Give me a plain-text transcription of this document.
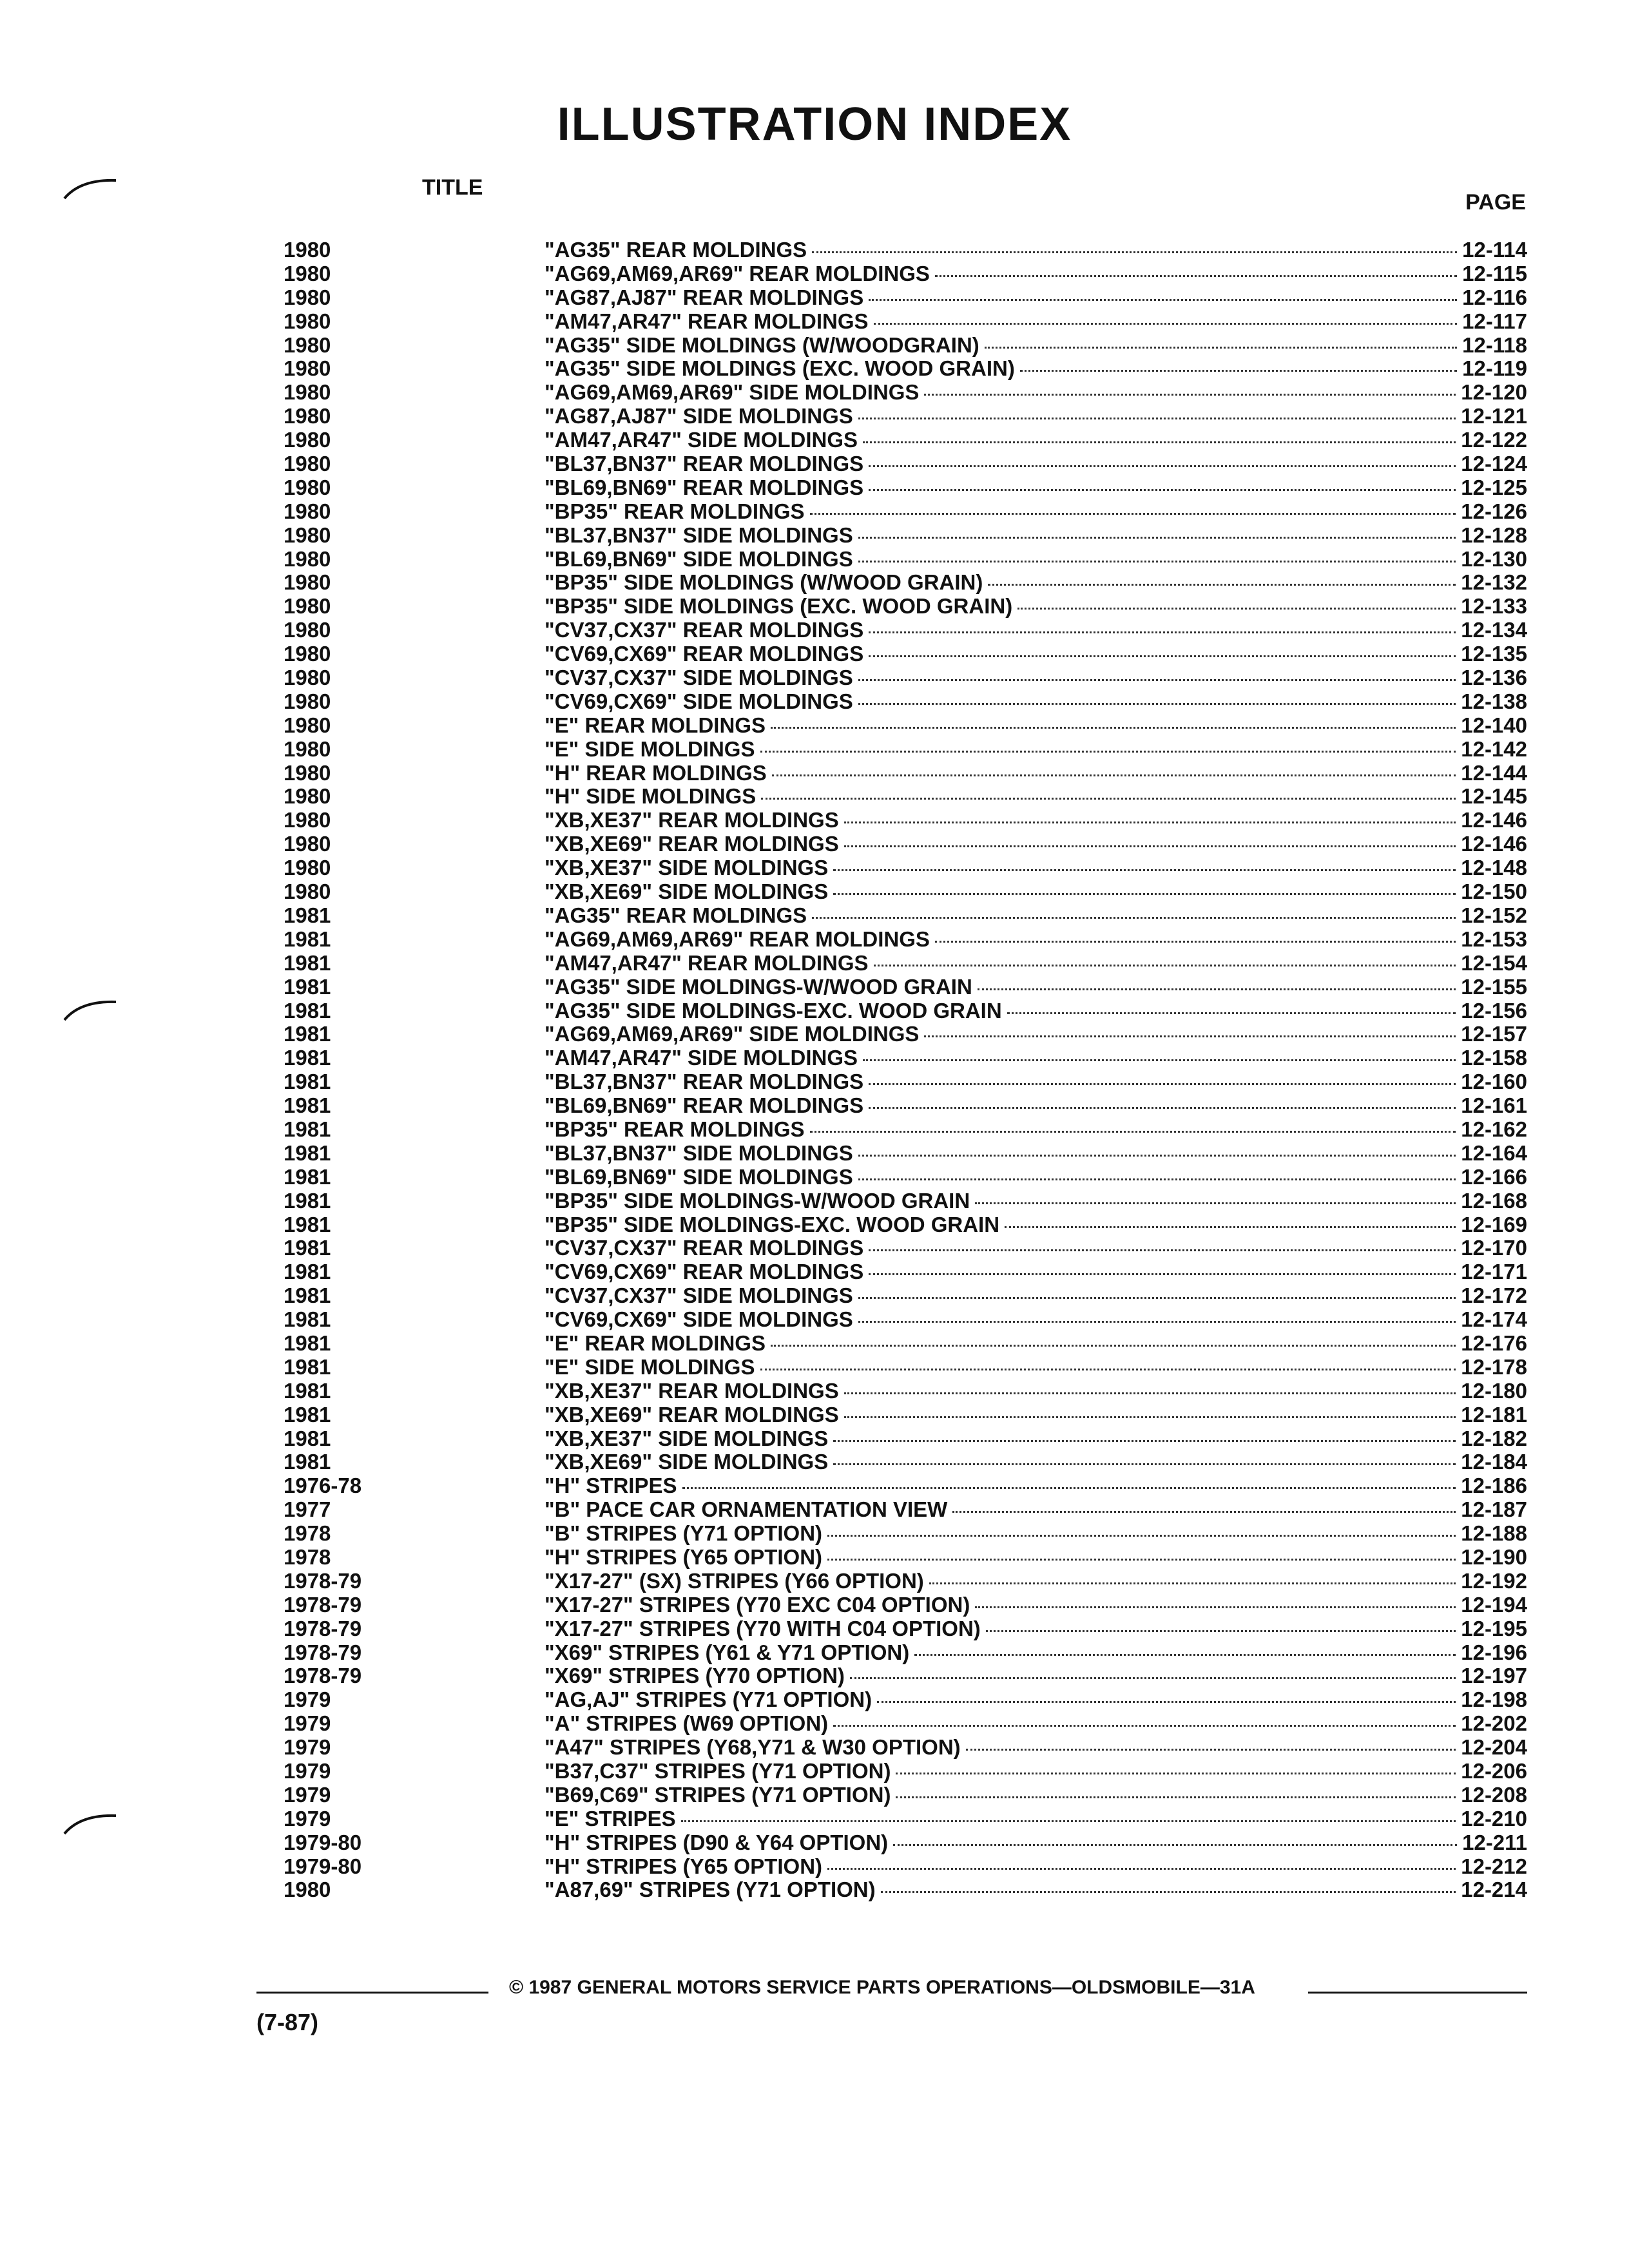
ILLUSTRATION INDEX
TITLE
PAGE
1980	"AG35" REAR MOLDINGS	12-114
1980	"AG69,AM69,AR69" REAR MOLDINGS	12-115
1980	"AG87,AJ87" REAR MOLDINGS	12-116
1980	"AM47,AR47" REAR MOLDINGS	12-117
1980	"AG35" SIDE MOLDINGS (W/WOODGRAIN)	12-118
1980	"AG35" SIDE MOLDINGS (EXC. WOOD GRAIN)	12-119
1980	"AG69,AM69,AR69" SIDE MOLDINGS	12-120
1980	"AG87,AJ87" SIDE MOLDINGS	12-121
1980	"AM47,AR47" SIDE MOLDINGS	12-122
1980	"BL37,BN37" REAR MOLDINGS	12-124
1980	"BL69,BN69" REAR MOLDINGS	12-125
1980	"BP35" REAR MOLDINGS	12-126
1980	"BL37,BN37" SIDE MOLDINGS	12-128
1980	"BL69,BN69" SIDE MOLDINGS	12-130
1980	"BP35" SIDE MOLDINGS (W/WOOD GRAIN)	12-132
1980	"BP35" SIDE MOLDINGS (EXC. WOOD GRAIN)	12-133
1980	"CV37,CX37" REAR MOLDINGS	12-134
1980	"CV69,CX69" REAR MOLDINGS	12-135
1980	"CV37,CX37" SIDE MOLDINGS	12-136
1980	"CV69,CX69" SIDE MOLDINGS	12-138
1980	"E" REAR MOLDINGS	12-140
1980	"E" SIDE MOLDINGS	12-142
1980	"H" REAR MOLDINGS	12-144
1980	"H" SIDE MOLDINGS	12-145
1980	"XB,XE37" REAR MOLDINGS	12-146
1980	"XB,XE69" REAR MOLDINGS	12-146
1980	"XB,XE37" SIDE MOLDINGS	12-148
1980	"XB,XE69" SIDE MOLDINGS	12-150
1981	"AG35" REAR MOLDINGS	12-152
1981	"AG69,AM69,AR69" REAR MOLDINGS	12-153
1981	"AM47,AR47" REAR MOLDINGS	12-154
1981	"AG35" SIDE MOLDINGS-W/WOOD GRAIN	12-155
1981	"AG35" SIDE MOLDINGS-EXC. WOOD GRAIN	12-156
1981	"AG69,AM69,AR69" SIDE MOLDINGS	12-157
1981	"AM47,AR47" SIDE MOLDINGS	12-158
1981	"BL37,BN37" REAR MOLDINGS	12-160
1981	"BL69,BN69" REAR MOLDINGS	12-161
1981	"BP35" REAR MOLDINGS	12-162
1981	"BL37,BN37" SIDE MOLDINGS	12-164
1981	"BL69,BN69" SIDE MOLDINGS	12-166
1981	"BP35" SIDE MOLDINGS-W/WOOD GRAIN	12-168
1981	"BP35" SIDE MOLDINGS-EXC. WOOD GRAIN	12-169
1981	"CV37,CX37" REAR MOLDINGS	12-170
1981	"CV69,CX69" REAR MOLDINGS	12-171
1981	"CV37,CX37" SIDE MOLDINGS	12-172
1981	"CV69,CX69" SIDE MOLDINGS	12-174
1981	"E" REAR MOLDINGS	12-176
1981	"E" SIDE MOLDINGS	12-178
1981	"XB,XE37" REAR MOLDINGS	12-180
1981	"XB,XE69" REAR MOLDINGS	12-181
1981	"XB,XE37" SIDE MOLDINGS	12-182
1981	"XB,XE69" SIDE MOLDINGS	12-184
1976-78	"H" STRIPES	12-186
1977	"B" PACE CAR ORNAMENTATION VIEW	12-187
1978	"B" STRIPES (Y71 OPTION)	12-188
1978	"H" STRIPES (Y65 OPTION)	12-190
1978-79	"X17-27" (SX) STRIPES (Y66 OPTION)	12-192
1978-79	"X17-27" STRIPES (Y70 EXC C04 OPTION)	12-194
1978-79	"X17-27" STRIPES (Y70 WITH C04 OPTION)	12-195
1978-79	"X69" STRIPES (Y61 & Y71 OPTION)	12-196
1978-79	"X69" STRIPES (Y70 OPTION)	12-197
1979	"AG,AJ" STRIPES (Y71 OPTION)	12-198
1979	"A" STRIPES (W69 OPTION)	12-202
1979	"A47" STRIPES (Y68,Y71 & W30 OPTION)	12-204
1979	"B37,C37" STRIPES (Y71 OPTION)	12-206
1979	"B69,C69" STRIPES (Y71 OPTION)	12-208
1979	"E" STRIPES	12-210
1979-80	"H" STRIPES (D90 & Y64 OPTION)	12-211
1979-80	"H" STRIPES (Y65 OPTION)	12-212
1980	"A87,69" STRIPES (Y71 OPTION)	12-214
© 1987 GENERAL MOTORS SERVICE PARTS OPERATIONS—OLDSMOBILE—31A
(7-87)
